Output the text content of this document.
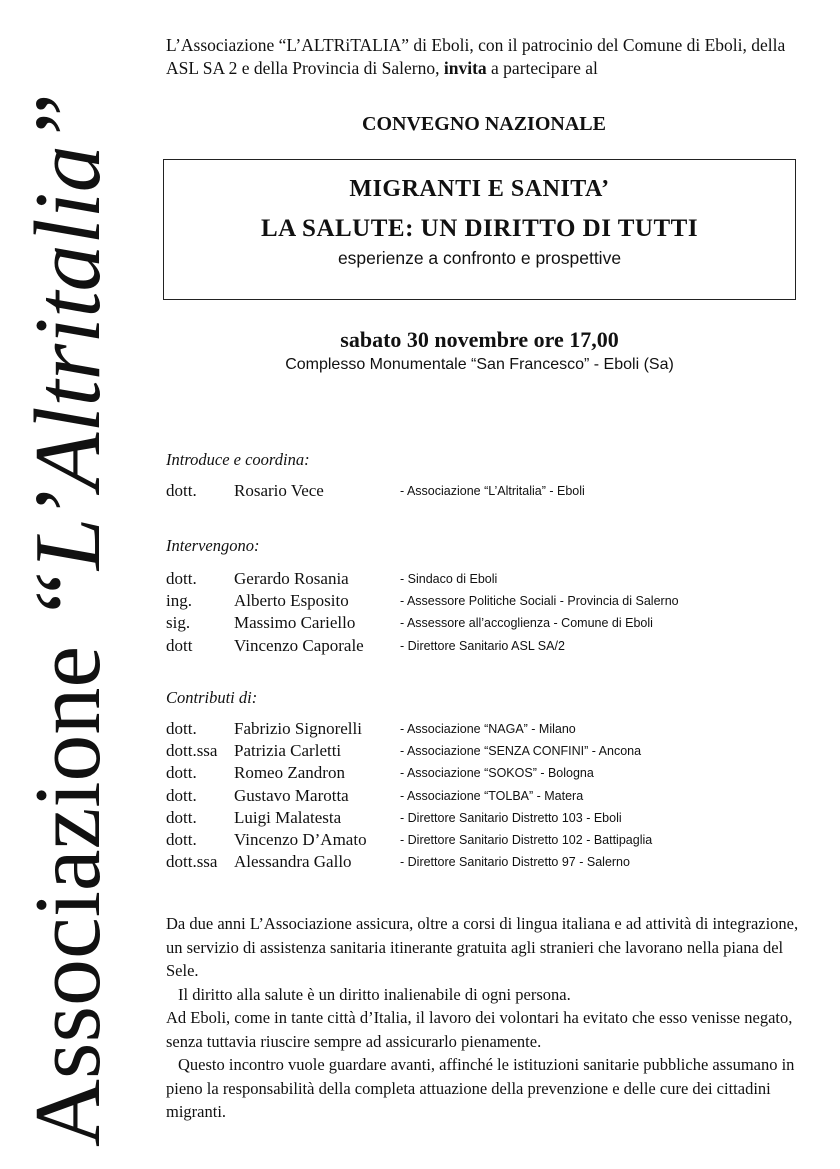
Associazione “L’Altritalia”
L’Associazione “L’ALTRiTALIA” di Eboli, con il patrocinio del Comune di Eboli, della ASL SA 2 e della Provincia di Salerno, invita a partecipare al
CONVEGNO NAZIONALE
MIGRANTI E SANITA’
LA SALUTE: UN DIRITTO DI TUTTI
esperienze a confronto e prospettive
sabato 30 novembre ore 17,00
Complesso Monumentale “San Francesco” - Eboli (Sa)
Introduce e coordina:
dott. Rosario Vece	- Associazione “L’Altritalia” - Eboli
Intervengono:
dott. Gerardo Rosania	- Sindaco di Eboli
ing. Alberto Esposito	- Assessore Politiche Sociali - Provincia di Salerno
sig.	Massimo Cariello	- Assessore all’accoglienza - Comune di Eboli
dott Vincenzo Caporale	- Direttore Sanitario ASL SA/2
Contributi di:
dott. Fabrizio Signorelli	- Associazione “NAGA” - Milano
dott.ssa Patrizia Carletti	- Associazione “SENZA CONFINI” - Ancona
dott. Romeo Zandron	- Associazione “SOKOS” - Bologna
dott. Gustavo Marotta	- Associazione “TOLBA” - Matera
dott. Luigi Malatesta	- Direttore Sanitario Distretto 103 - Eboli
dott. Vincenzo D’Amato	- Direttore Sanitario Distretto 102 - Battipaglia
dott.ssa Alessandra Gallo	- Direttore Sanitario Distretto 97 - Salerno

Da due anni L’Associazione assicura, oltre a corsi di lingua italiana e ad attività di integrazione, un servizio di assistenza sanitaria itinerante gratuita agli stranieri che lavorano nella piana del Sele.

Il diritto alla salute è un diritto inalienabile di ogni persona.

Ad Eboli, come in tante città d’Italia, il lavoro dei volontari ha evitato che esso venisse negato, senza tuttavia riuscire sempre ad assicurarlo pienamente.

Questo incontro vuole guardare avanti, affinché le istituzioni sanitarie pubbliche assumano in pieno la responsabilità della completa attuazione della prevenzione e delle cure dei cittadini migranti.
